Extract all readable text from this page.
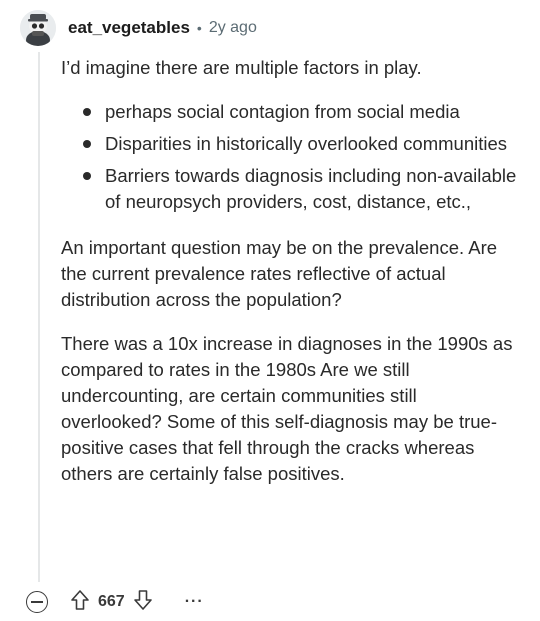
eat_vegetables • 2y ago

I’d imagine there are multiple factors in play.

perhaps social contagion from social media
Disparities in historically overlooked communities
Barriers towards diagnosis including non-available of neuropsych providers, cost, distance, etc.,

An important question may be on the prevalence. Are the current prevalence rates reflective of actual distribution across the population?

There was a 10x increase in diagnoses in the 1990s as compared to rates in the 1980s Are we still undercounting, are certain communities still overlooked? Some of this self-diagnosis may be true-positive cases that fell through the cracks whereas others are certainly false positives.

667	···
